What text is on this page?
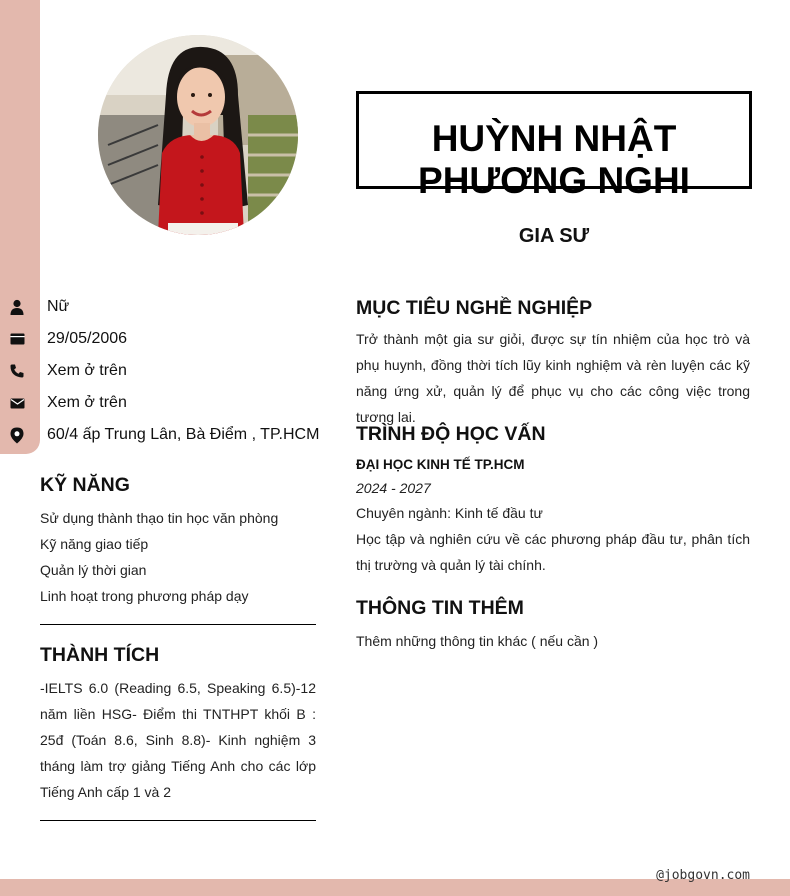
HUỲNH NHẬT PHƯƠNG NGHI
GIA SƯ
Nữ
29/05/2006
Xem ở trên
Xem ở trên
60/4 ấp Trung Lân, Bà Điểm , TP.HCM
KỸ NĂNG
Sử dụng thành thạo tin học văn phòng
Kỹ năng giao tiếp
Quản lý thời gian
Linh hoạt trong phương pháp dạy
THÀNH TÍCH
-IELTS 6.0 (Reading 6.5, Speaking 6.5)-12 năm liền HSG- Điểm thi TNTHPT khối B : 25đ (Toán 8.6, Sinh 8.8)- Kinh nghiệm 3 tháng làm trợ giảng Tiếng Anh cho các lớp Tiếng Anh cấp 1 và 2
MỤC TIÊU NGHỀ NGHIỆP
Trở thành một gia sư giỏi, được sự tín nhiệm của học trò và phụ huynh, đồng thời tích lũy kinh nghiệm và rèn luyện các kỹ năng ứng xử, quản lý để phục vụ cho các công việc trong tương lai.
TRÌNH ĐỘ HỌC VẤN
ĐẠI HỌC KINH TẾ TP.HCM
2024 - 2027
Chuyên ngành: Kinh tế đầu tư
Học tập và nghiên cứu về các phương pháp đầu tư, phân tích thị trường và quản lý tài chính.
THÔNG TIN THÊM
Thêm những thông tin khác ( nếu cần )
@jobgovn.com
